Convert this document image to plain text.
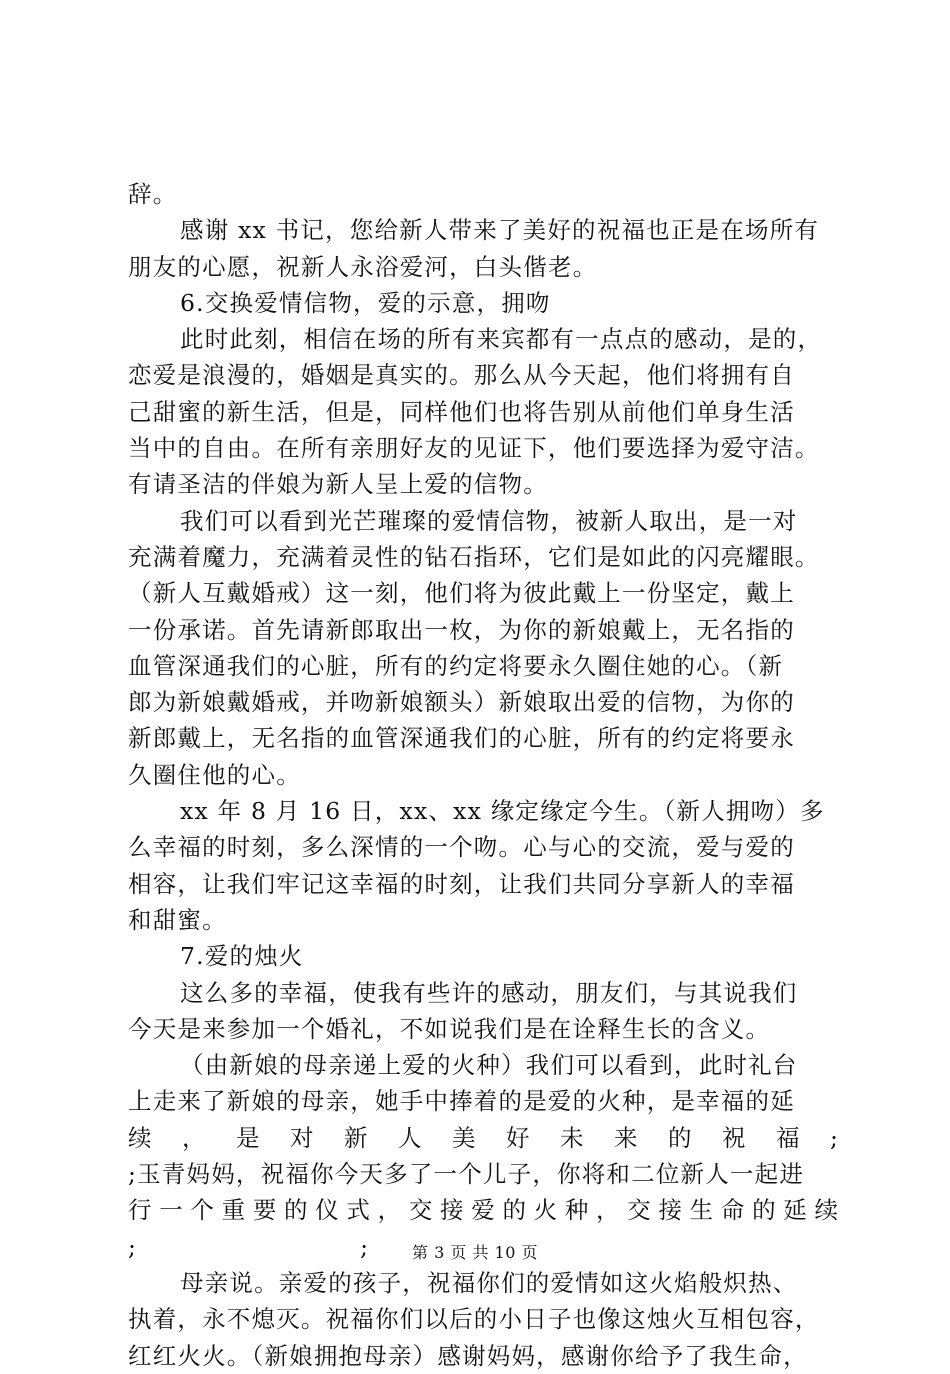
辞。
感谢 xx 书记，您给新人带来了美好的祝福也正是在场所有
朋友的心愿，祝新人永浴爱河，白头偕老。
6.交换爱情信物，爱的示意，拥吻
此时此刻，相信在场的所有来宾都有一点点的感动，是的，
恋爱是浪漫的，婚姻是真实的。那么从今天起，他们将拥有自
己甜蜜的新生活，但是，同样他们也将告别从前他们单身生活
当中的自由。在所有亲朋好友的见证下，他们要选择为爱守洁。
有请圣洁的伴娘为新人呈上爱的信物。
我们可以看到光芒璀璨的爱情信物，被新人取出，是一对
充满着魔力，充满着灵性的钻石指环，它们是如此的闪亮耀眼。
（新人互戴婚戒）这一刻，他们将为彼此戴上一份坚定，戴上
一份承诺。首先请新郎取出一枚，为你的新娘戴上，无名指的
血管深通我们的心脏，所有的约定将要永久圈住她的心。（新
郎为新娘戴婚戒，并吻新娘额头）新娘取出爱的信物，为你的
新郎戴上，无名指的血管深通我们的心脏，所有的约定将要永
久圈住他的心。
xx 年 8 月 16 日，xx、xx 缘定缘定今生。（新人拥吻）多
么幸福的时刻，多么深情的一个吻。心与心的交流，爱与爱的
相容，让我们牢记这幸福的时刻，让我们共同分享新人的幸福
和甜蜜。
7.爱的烛火
这么多的幸福，使我有些许的感动，朋友们，与其说我们
今天是来参加一个婚礼，不如说我们是在诠释生长的含义。
（由新娘的母亲递上爱的火种）我们可以看到，此时礼台
上走来了新娘的母亲，她手中捧着的是爱的火种，是幸福的延
续 ， 是 对 新 人 美 好 未 来 的 祝 福 ;
;玉青妈妈，祝福你今天多了一个儿子，你将和二位新人一起进
行 一 个 重 要 的 仪 式 ， 交 接 爱 的 火 种 ， 交 接 生 命 的 延 续
;	;
母亲说。亲爱的孩子，祝福你们的爱情如这火焰般炽热、
执着，永不熄灭。祝福你们以后的小日子也像这烛火互相包容，
红红火火。（新娘拥抱母亲）感谢妈妈，感谢你给予了我生命，
第 3 页 共 10 页
